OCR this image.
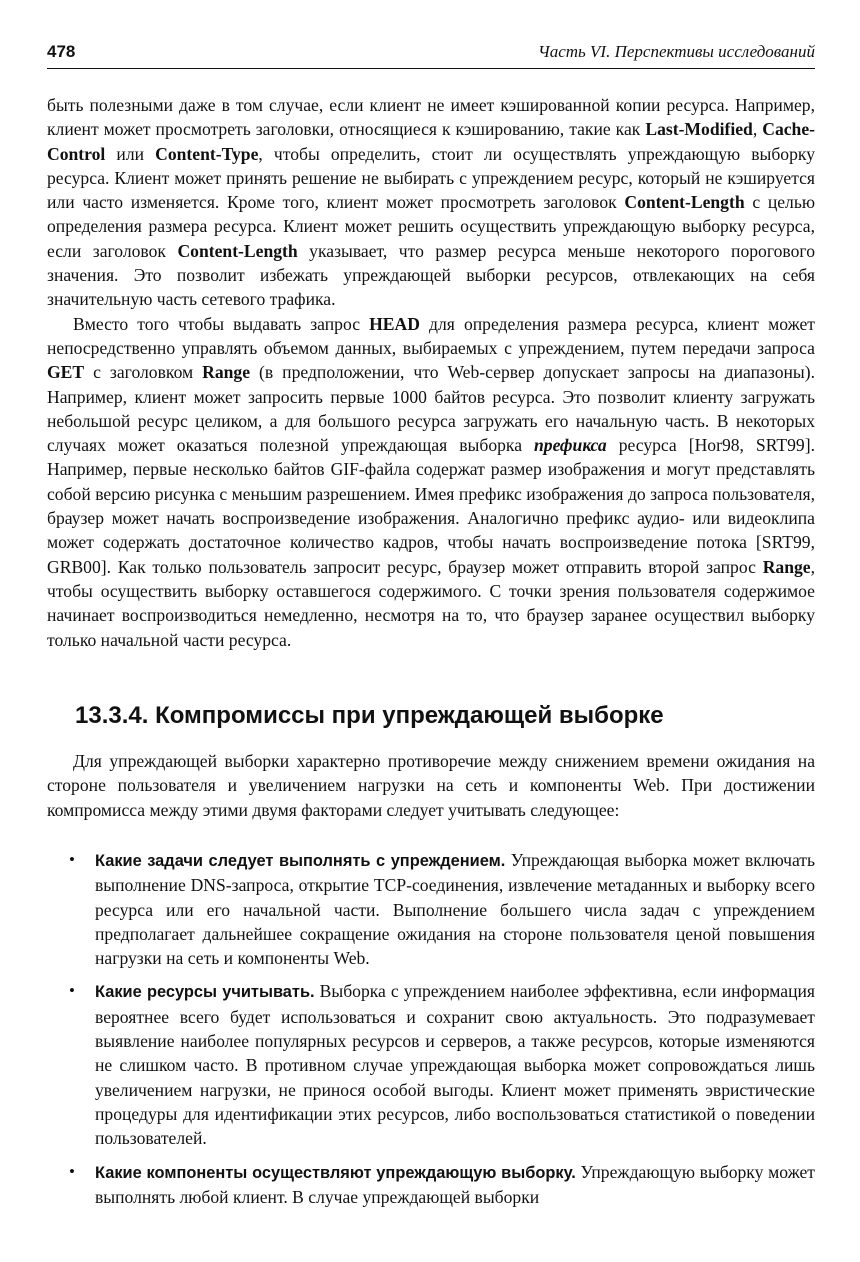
478	Часть VI. Перспективы исследований

быть полезными даже в том случае, если клиент не имеет кэшированной копии ресурса. Например, клиент может просмотреть заголовки, относящиеся к кэшированию, такие как Last-Modified, Cache-Control или Content-Type, чтобы определить, стоит ли осуществлять упреждающую выборку ресурса. Клиент может принять решение не выбирать с упреждением ресурс, который не кэшируется или часто изменяется. Кроме того, клиент может просмотреть заголовок Content-Length с целью определения размера ресурса. Клиент может решить осуществить упреждающую выборку ресурса, если заголовок Content-Length указывает, что размер ресурса меньше некоторого порогового значения. Это позволит избежать упреждающей выборки ресурсов, отвлекающих на себя значительную часть сетевого трафика.

Вместо того чтобы выдавать запрос HEAD для определения размера ресурса, клиент может непосредственно управлять объемом данных, выбираемых с упреждением, путем передачи запроса GET с заголовком Range (в предположении, что Web-сервер допускает запросы на диапазоны). Например, клиент может запросить первые 1000 байтов ресурса. Это позволит клиенту загружать небольшой ресурс целиком, а для большого ресурса загружать его начальную часть. В некоторых случаях может оказаться полезной упреждающая выборка префикса ресурса [Hor98, SRT99]. Например, первые несколько байтов GIF-файла содержат размер изображения и могут представлять собой версию рисунка с меньшим разрешением. Имея префикс изображения до запроса пользователя, браузер может начать воспроизведение изображения. Аналогично префикс аудио- или видеоклипа может содержать достаточное количество кадров, чтобы начать воспроизведение потока [SRT99, GRB00]. Как только пользователь запросит ресурс, браузер может отправить второй запрос Range, чтобы осуществить выборку оставшегося содержимого. С точки зрения пользователя содержимое начинает воспроизводиться немедленно, несмотря на то, что браузер заранее осуществил выборку только начальной части ресурса.

13.3.4. Компромиссы при упреждающей выборке

Для упреждающей выборки характерно противоречие между снижением времени ожидания на стороне пользователя и увеличением нагрузки на сеть и компоненты Web. При достижении компромисса между этими двумя факторами следует учитывать следующее:

• Какие задачи следует выполнять с упреждением. Упреждающая выборка может включать выполнение DNS-запроса, открытие TCP-соединения, извлечение метаданных и выборку всего ресурса или его начальной части. Выполнение большего числа задач с упреждением предполагает дальнейшее сокращение ожидания на стороне пользователя ценой повышения нагрузки на сеть и компоненты Web.
• Какие ресурсы учитывать. Выборка с упреждением наиболее эффективна, если информация вероятнее всего будет использоваться и сохранит свою актуальность. Это подразумевает выявление наиболее популярных ресурсов и серверов, а также ресурсов, которые изменяются не слишком часто. В противном случае упреждающая выборка может сопровождаться лишь увеличением нагрузки, не принося особой выгоды. Клиент может применять эвристические процедуры для идентификации этих ресурсов, либо воспользоваться статистикой о поведении пользователей.
• Какие компоненты осуществляют упреждающую выборку. Упреждающую выборку может выполнять любой клиент. В случае упреждающей выборки
